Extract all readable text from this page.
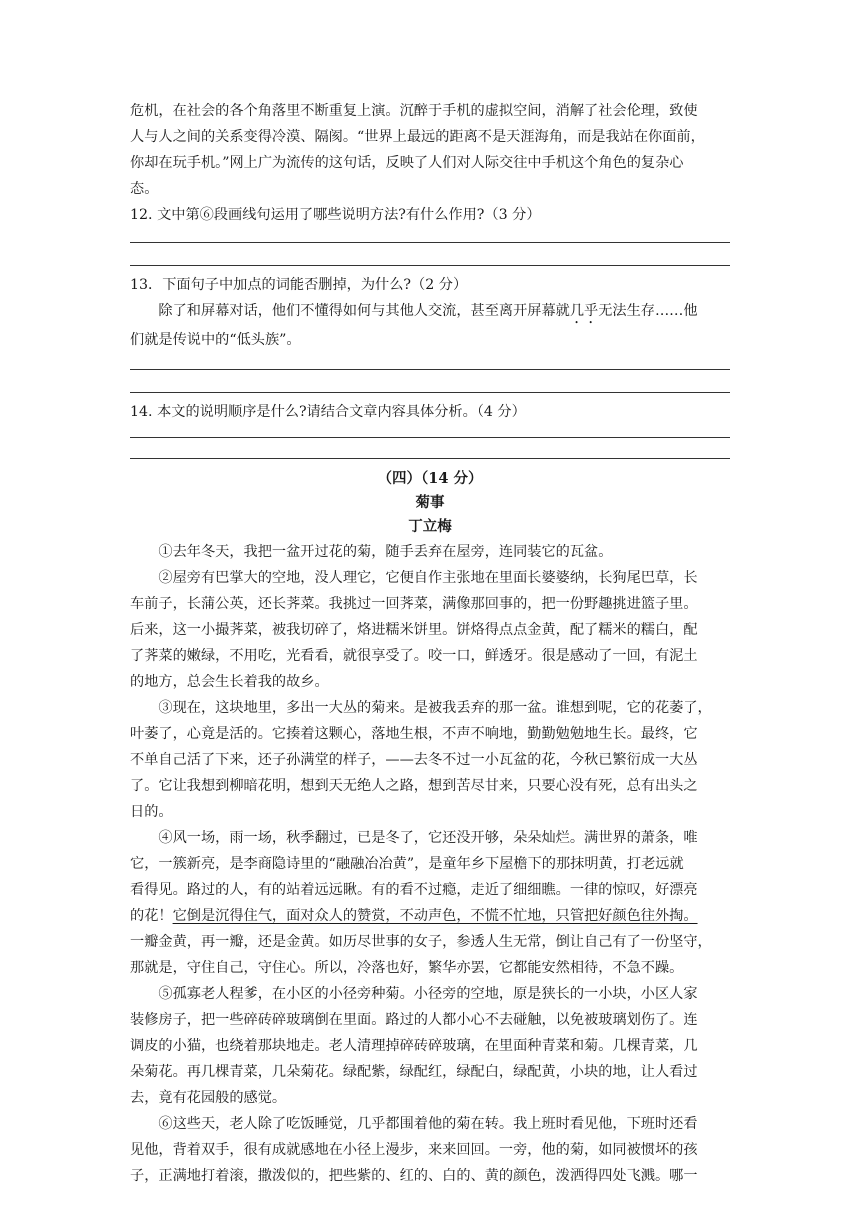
危机，在社会的各个角落里不断重复上演。沉醉于手机的虚拟空间，消解了社会伦理，致使

人与人之间的关系变得冷漠、隔阂。“世界上最远的距离不是天涯海角，而是我站在你面前，

你却在玩手机。”网上广为流传的这句话，反映了人们对人际交往中手机这个角色的复杂心

态。

12. 文中第⑥段画线句运用了哪些说明方法?有什么作用?（3 分）

13．下面句子中加点的词能否删掉，为什么?（2 分）

除了和屏幕对话，他们不懂得如何与其他人交流，甚至离开屏幕就几乎无法生存……他

们就是传说中的“低头族”。

14. 本文的说明顺序是什么?请结合文章内容具体分析。（4 分）

（四）（14 分）

菊事

丁立梅

①去年冬天，我把一盆开过花的菊，随手丢弃在屋旁，连同装它的瓦盆。

②屋旁有巴掌大的空地，没人理它，它便自作主张地在里面长婆婆纳，长狗尾巴草，长

车前子，长蒲公英，还长荠菜。我挑过一回荠菜，满像那回事的，把一份野趣挑进篮子里。

后来，这一小撮荠菜，被我切碎了，烙进糯米饼里。饼烙得点点金黄，配了糯米的糯白，配

了荠菜的嫩绿，不用吃，光看看，就很享受了。咬一口，鲜透牙。很是感动了一回，有泥土

的地方，总会生长着我的故乡。

③现在，这块地里，多出一大丛的菊来。是被我丢弃的那一盆。谁想到呢，它的花萎了，

叶萎了，心竟是活的。它揍着这颗心，落地生根，不声不响地，勤勤勉勉地生长。最终，它

不单自己活了下来，还子孙满堂的样子，——去冬不过一小瓦盆的花，今秋已繁衍成一大丛

了。它让我想到柳暗花明，想到天无绝人之路，想到苦尽甘来，只要心没有死，总有出头之

日的。

④风一场，雨一场，秋季翻过，已是冬了，它还没开够，朵朵灿烂。满世界的萧条，唯

它，一簇新亮，是李商隐诗里的“融融冶冶黄”，是童年乡下屋檐下的那抹明黄，打老远就

看得见。路过的人，有的站着远远瞅。有的看不过瘾，走近了细细瞧。一律的惊叹，好漂亮

的花！它倒是沉得住气，面对众人的赞赏，不动声色，不慌不忙地，只管把好颜色往外掏。

一瓣金黄，再一瓣，还是金黄。如历尽世事的女子，参透人生无常，倒让自己有了一份坚守，

那就是，守住自己，守住心。所以，冷落也好，繁华亦罢，它都能安然相待，不急不躁。

⑤孤寡老人程爹，在小区的小径旁种菊。小径旁的空地，原是狭长的一小块，小区人家

装修房子，把一些碎砖碎玻璃倒在里面。路过的人都小心不去碰触，以免被玻璃划伤了。连

调皮的小猫，也绕着那块地走。老人清理掉碎砖碎玻璃，在里面种青菜和菊。几棵青菜，几

朵菊花。再几棵青菜，几朵菊花。绿配紫，绿配红，绿配白，绿配黄，小块的地，让人看过

去，竟有花园般的感觉。

⑥这些天，老人除了吃饭睡觉，几乎都围着他的菊在转。我上班时看见他，下班时还看

见他，背着双手，很有成就感地在小径上漫步，来来回回。一旁，他的菊，如同被惯坏的孩

子，正满地打着滚，撒泼似的，把些紫的、红的、白的、黄的颜色，泼洒得四处飞溅。哪一
